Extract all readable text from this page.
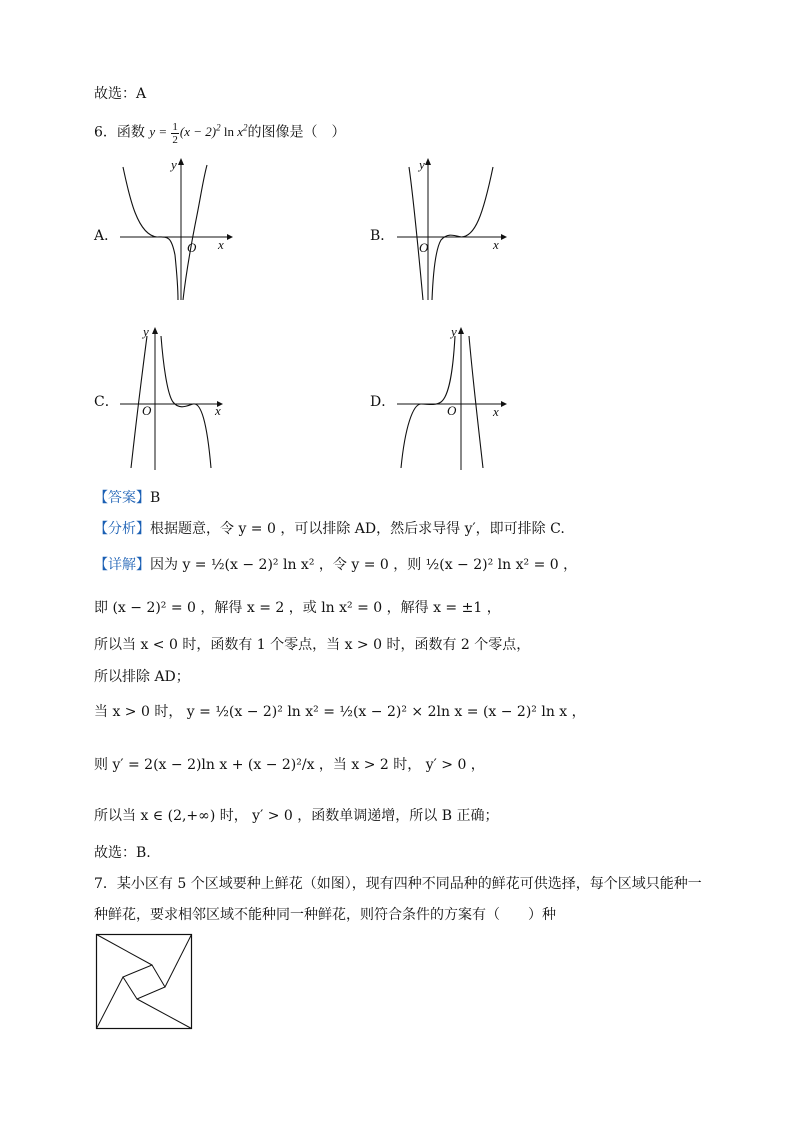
故选：A
6．函数 $y = \frac{1}{2} (x - 2)^2$ $\ln x^2$的图像是（　）
A．	B．
C．	D．
O x
y
O	x
y
O	x
y
O	x
y
【答案】B
【分析】根据题意，令 y = 0 ，可以排除 AD，然后求导得 y′，即可排除 C.
【详解】因为 y = ½(x − 2)² ln x² ，令 y = 0 ，则 ½(x − 2)² ln x² = 0 ，
即 (x − 2)² = 0 ，解得 x = 2 ，或 ln x² = 0 ，解得 x = ±1 ，
所以当 x < 0 时，函数有 1 个零点，当 x > 0 时，函数有 2 个零点，
所以排除 AD；
当 x > 0 时， y = ½(x − 2)² ln x² = ½(x − 2)² × 2ln x = (x − 2)² ln x ，
则 y′ = 2(x − 2)ln x + (x − 2)²/x ，当 x > 2 时， y′ > 0 ，
所以当 x ∈ (2,+∞) 时， y′ > 0 ，函数单调递增，所以 B 正确；
故选：B.
7．某小区有 5 个区域要种上鲜花（如图），现有四种不同品种的鲜花可供选择，每个区域只能种一
种鲜花，要求相邻区域不能种同一种鲜花，则符合条件的方案有（　　）种
